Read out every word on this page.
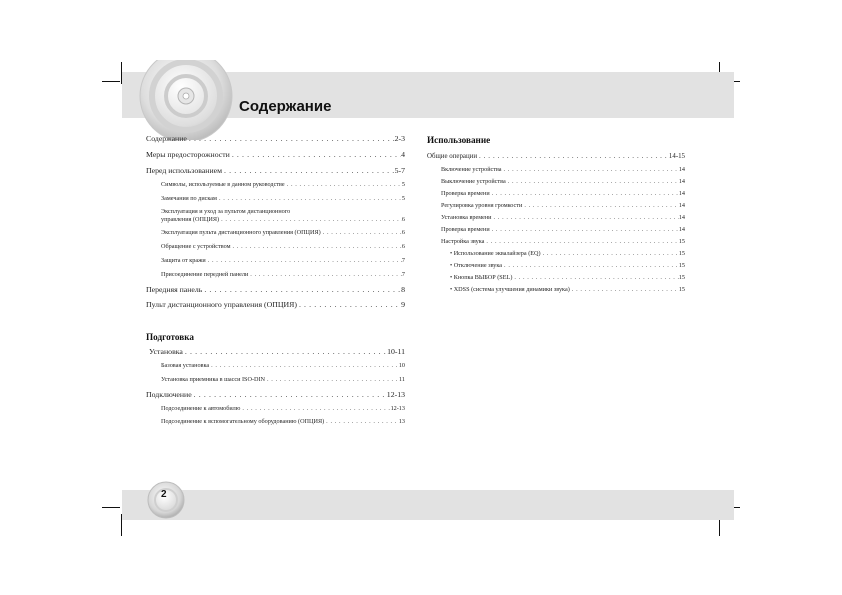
Содержание
Содержание . . .	2-3
Меры предосторожности . . .	4
Перед использованием . . .	5-7
Символы, используемые в данном руководстве . . .	5
Замечания по дискам . . .	5
Эксплуатация и уход за пультом дистанционного
управления (ОПЦИЯ) . . .	6
Эксплуатация пульта дистанционного управления (ОПЦИЯ) . . .	6
Обращение с устройством . . .	6
Защита от кражи . . .	7
Присоединение передней панели . . .	7
Передняя панель . . .	8
Пульт дистанционного управления (ОПЦИЯ) . . .	9
Подготовка
Установка . . .	10-11
Базовая установка . . .	10
Установка приемника в шасси ISO-DIN . . .	11
Подключение . . .	12-13
Подсоединение к автомобилю . . .	12-13
Подсоединение к вспомогательному оборудованию (ОПЦИЯ) . . .	13
Использование
Общие операции . . .	14-15
Включение устройства . . .	14
Выключение устройства . . .	14
Проверка времени . . .	14
Регулировка уровня громкости . . .	14
Установка времени . . .	14
Проверка времени . . .	14
Настройка звука . . .	15
• Использование эквалайзера (EQ) . . .	15
• Отключение звука . . .	15
• Кнопка ВЫБОР (SEL) . . .	15
• XDSS (система улучшения динамики звука) . . .	15
2
